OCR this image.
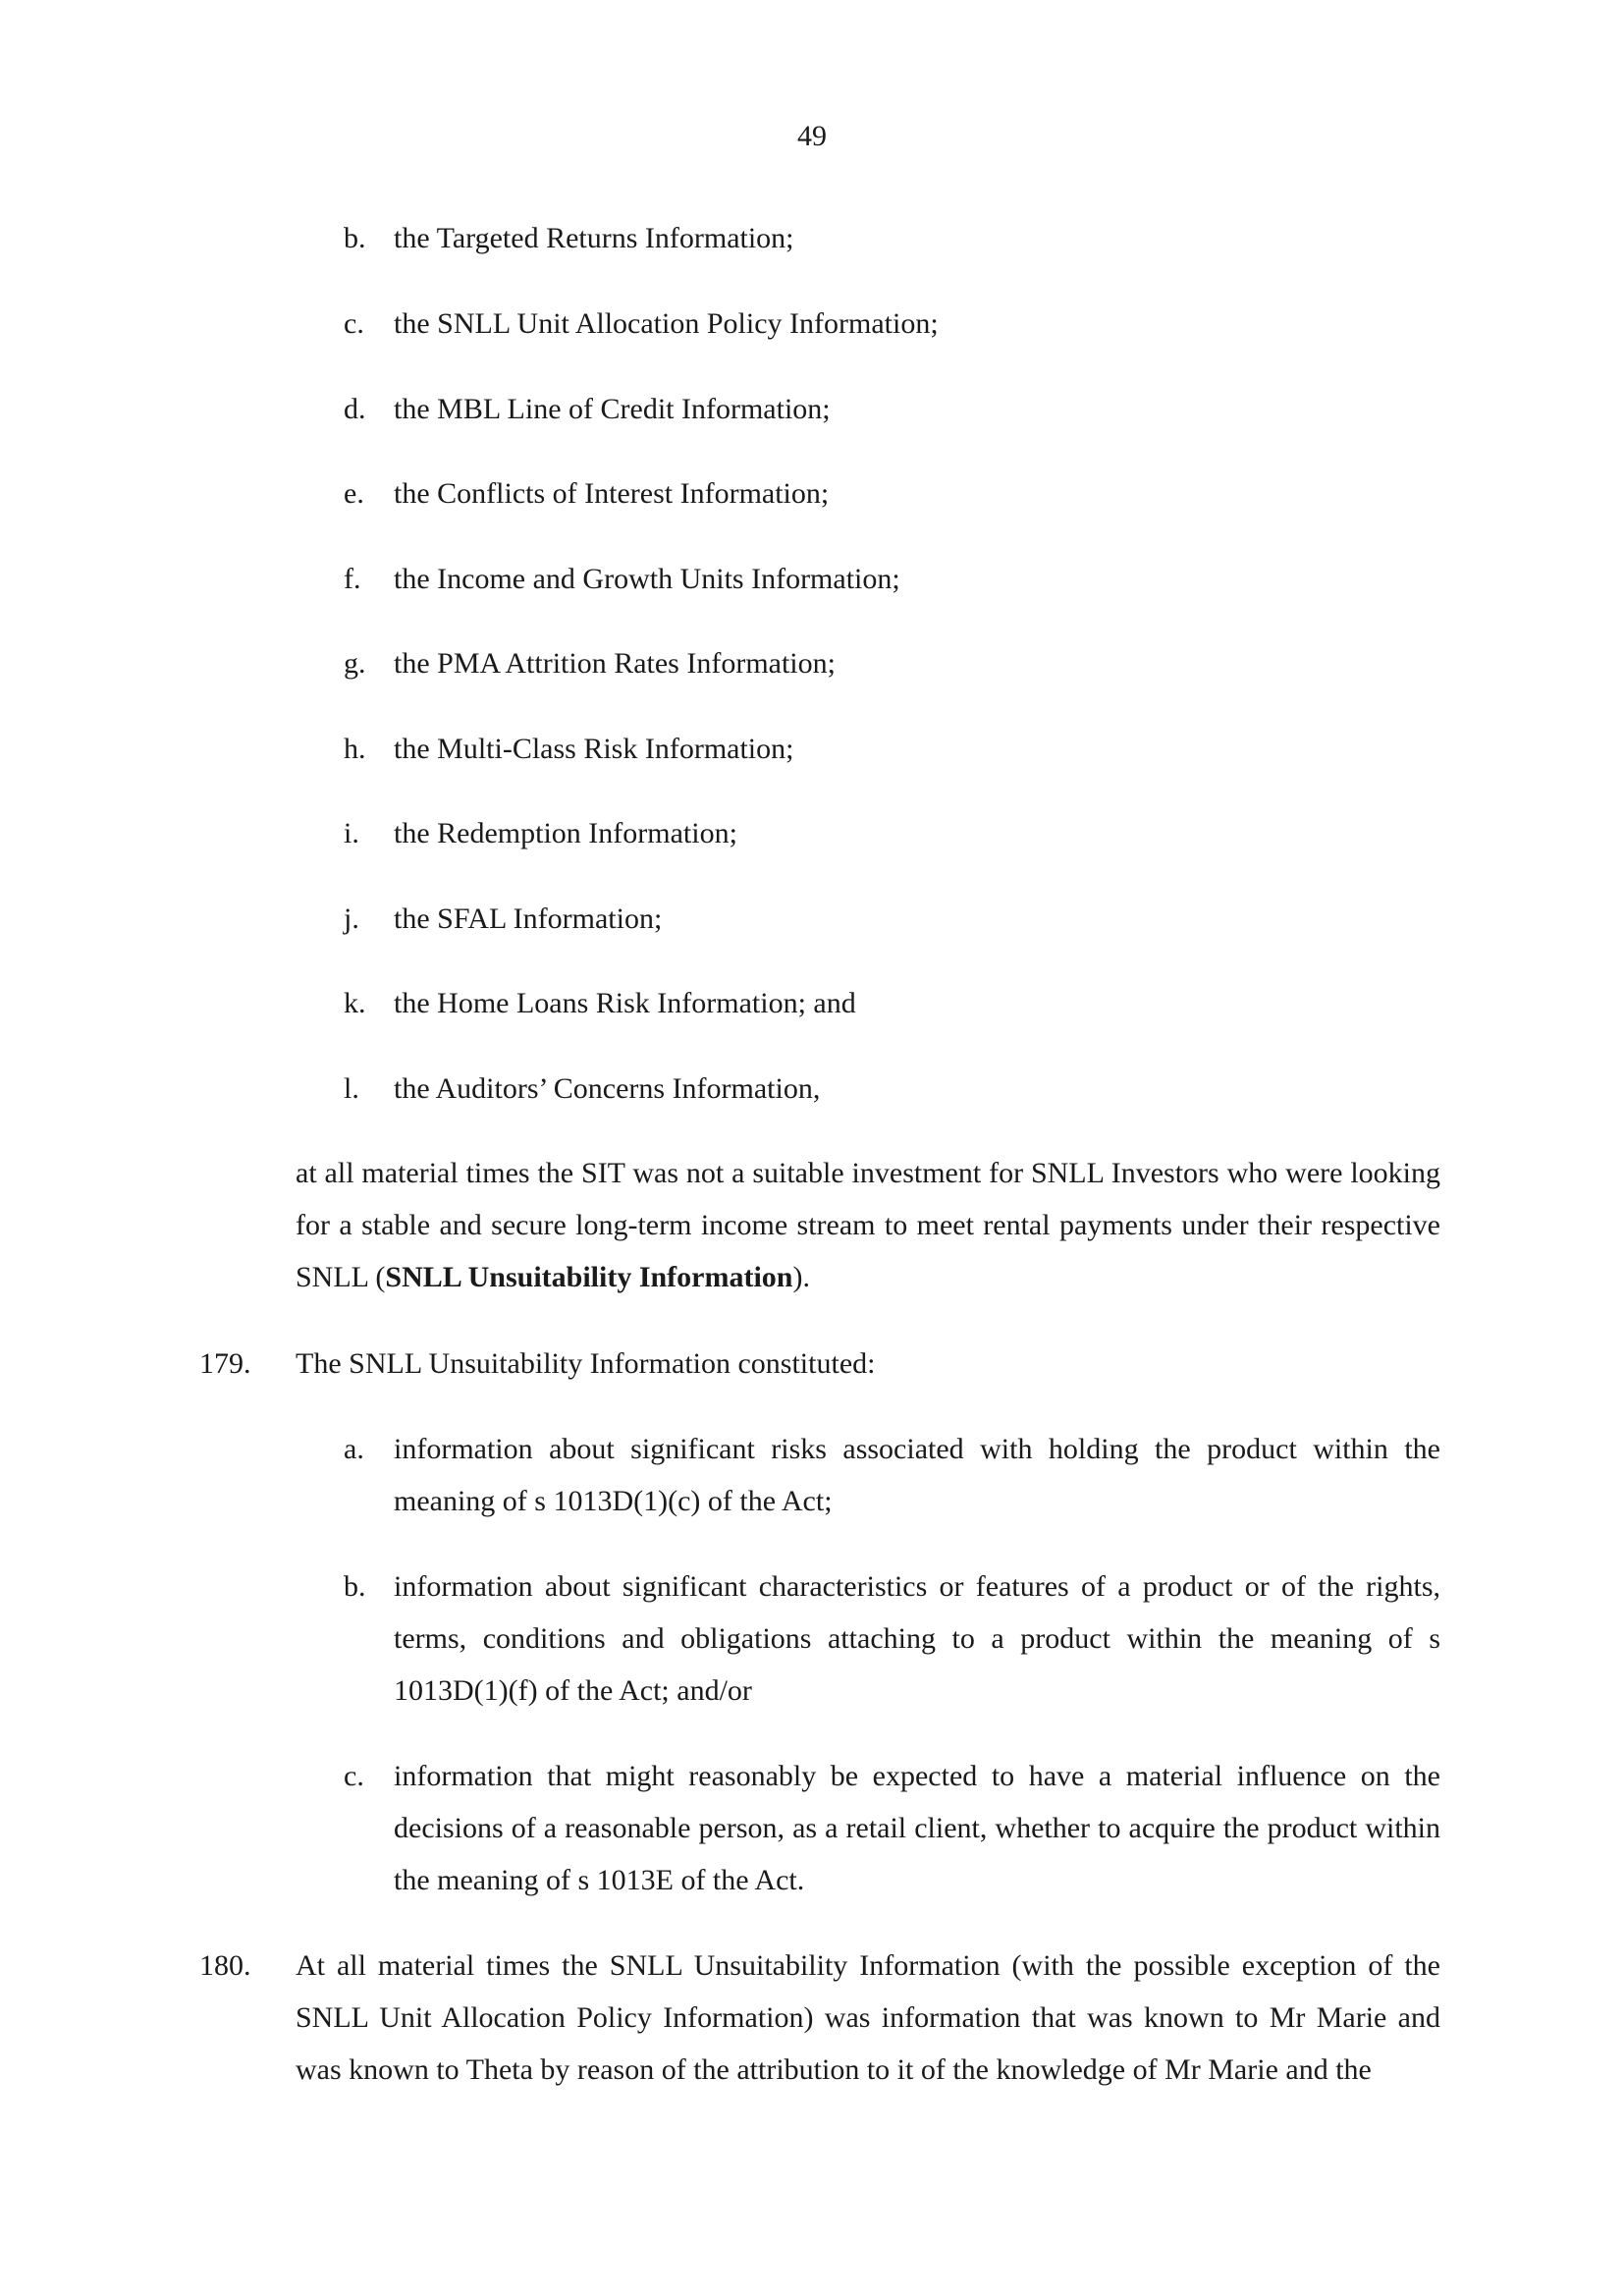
49
b. the Targeted Returns Information;
c.	the SNLL Unit Allocation Policy Information;
d. the MBL Line of Credit Information;
e.	the Conflicts of Interest Information;
f.	the Income and Growth Units Information;
g. the PMA Attrition Rates Information;
h. the Multi-Class Risk Information;
i.	the Redemption Information;
j.	the SFAL Information;
k. the Home Loans Risk Information; and
l.	the Auditors’ Concerns Information,
at all material times the SIT was not a suitable investment for SNLL Investors who were looking for a stable and secure long-term income stream to meet rental payments under their respective SNLL (SNLL Unsuitability Information).
179. The SNLL Unsuitability Information constituted:
a.	information about significant risks associated with holding the product within the meaning of s 1013D(1)(c) of the Act;
b. information about significant characteristics or features of a product or of the rights, terms, conditions and obligations attaching to a product within the meaning of s 1013D(1)(f) of the Act; and/or
c.	information that might reasonably be expected to have a material influence on the decisions of a reasonable person, as a retail client, whether to acquire the product within the meaning of s 1013E of the Act.
180. At all material times the SNLL Unsuitability Information (with the possible exception of the SNLL Unit Allocation Policy Information) was information that was known to Mr Marie and was known to Theta by reason of the attribution to it of the knowledge of Mr Marie and the
